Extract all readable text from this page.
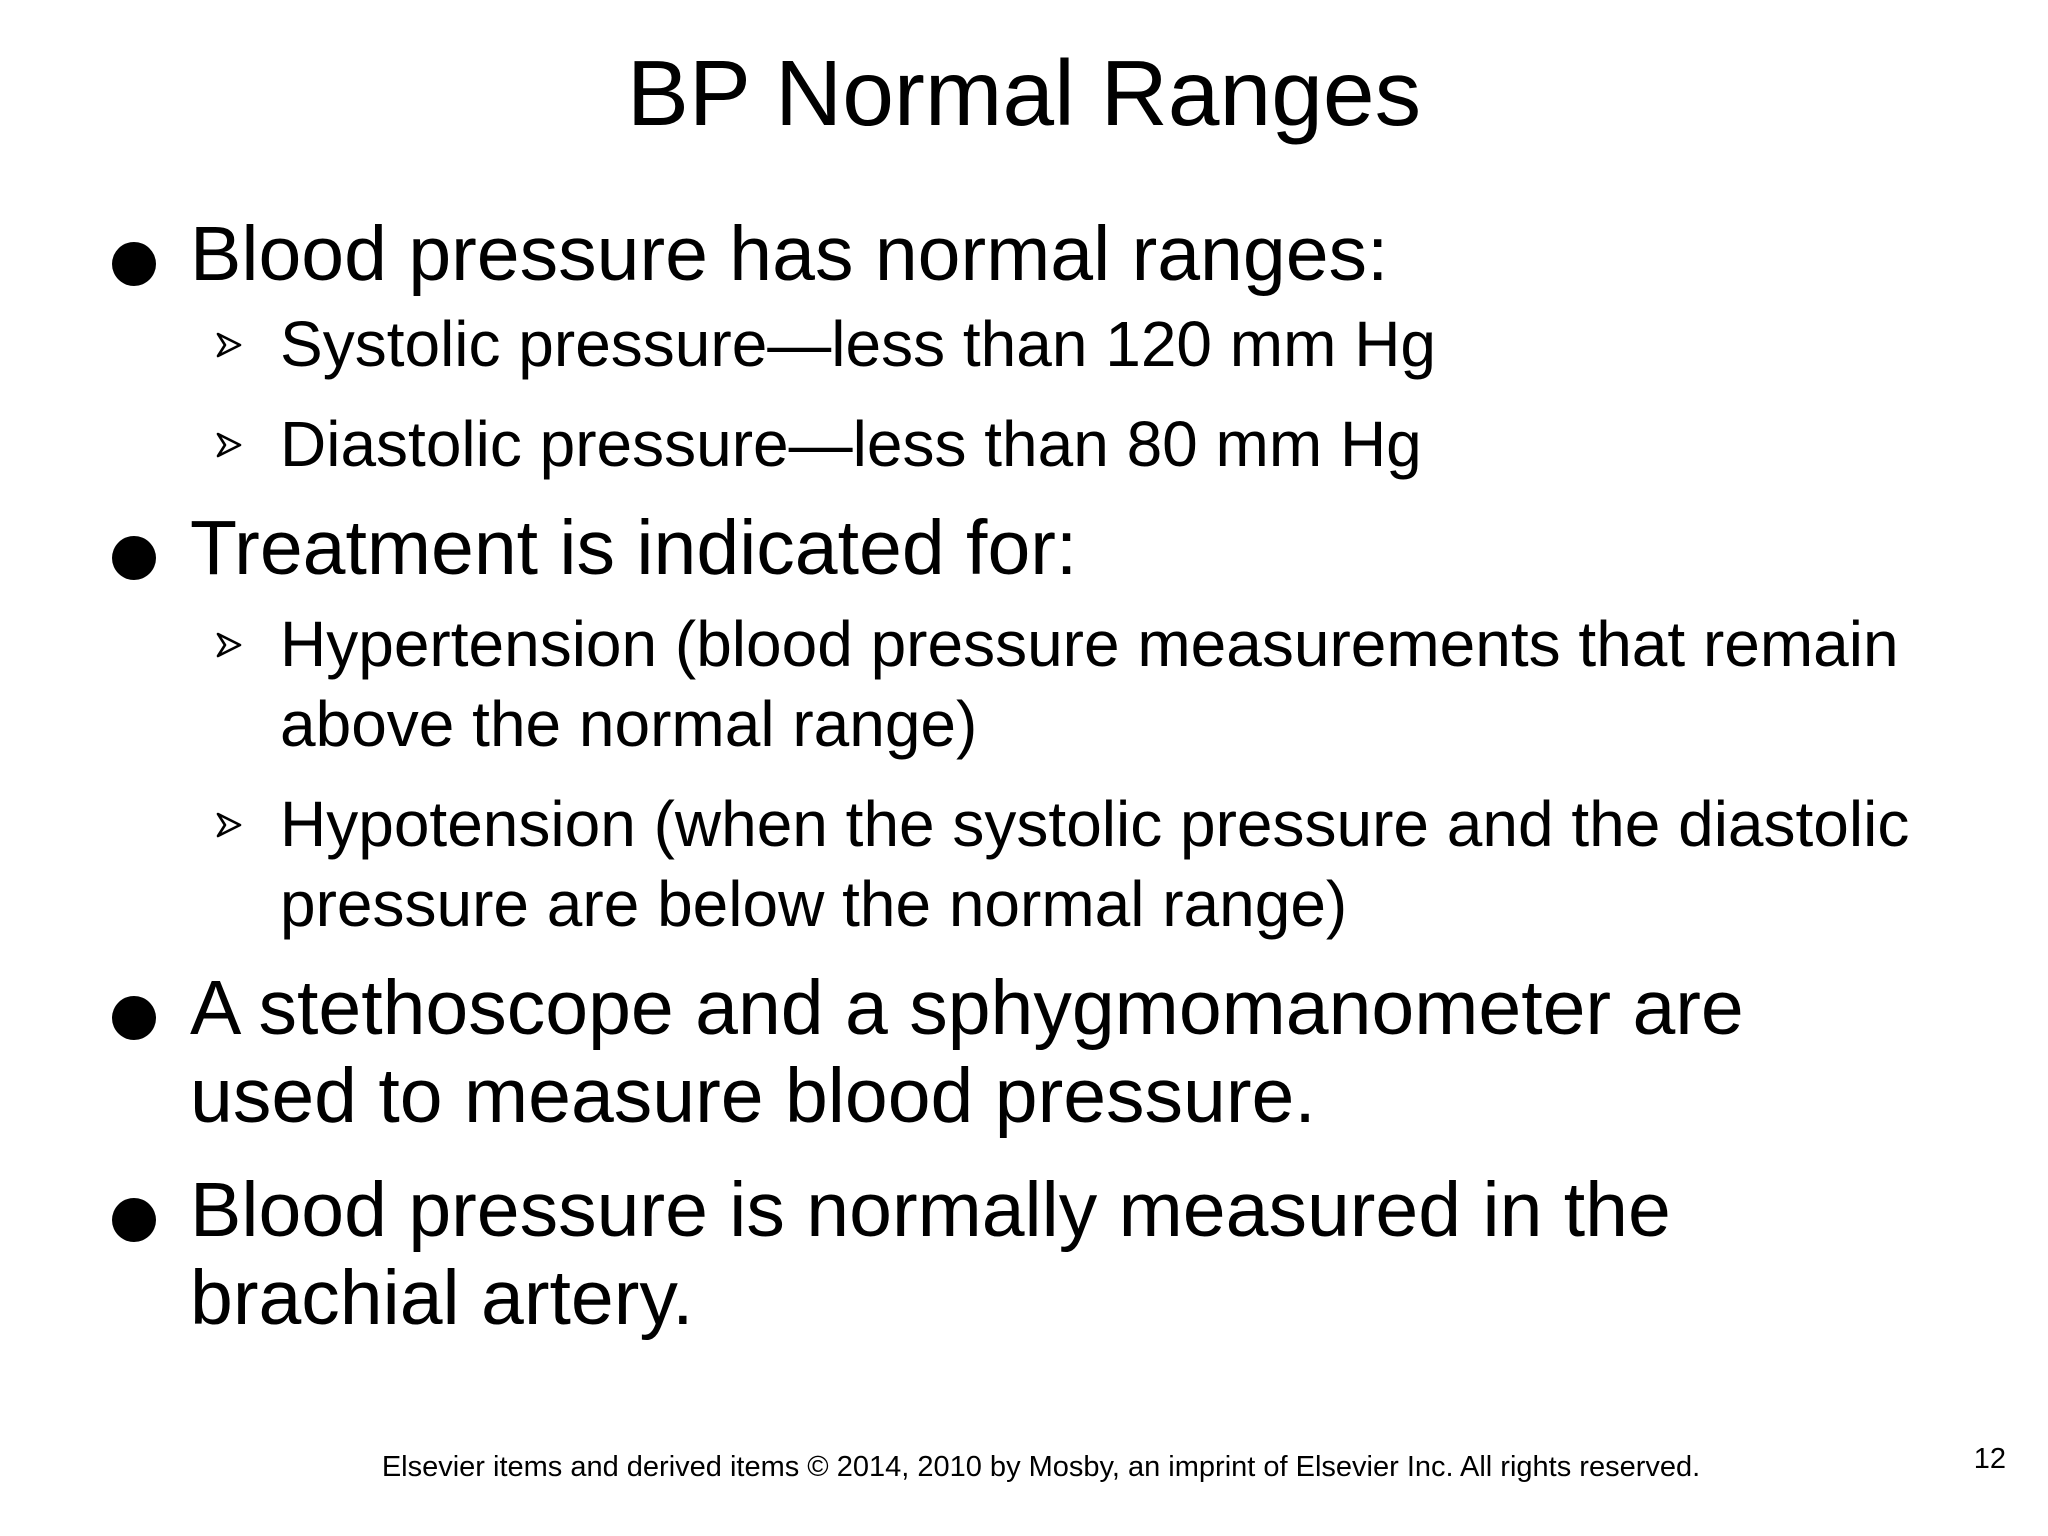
BP Normal Ranges
Blood pressure has normal ranges:
Systolic pressure—less than 120 mm Hg
Diastolic pressure—less than 80 mm Hg
Treatment is indicated for:
Hypertension (blood pressure measurements that remain above the normal range)
Hypotension (when the systolic pressure and the diastolic pressure are below the normal range)
A stethoscope and a sphygmomanometer are used to measure blood pressure.
Blood pressure is normally measured in the brachial artery.
Elsevier items and derived items © 2014, 2010 by Mosby, an imprint of Elsevier Inc. All rights reserved.	12
